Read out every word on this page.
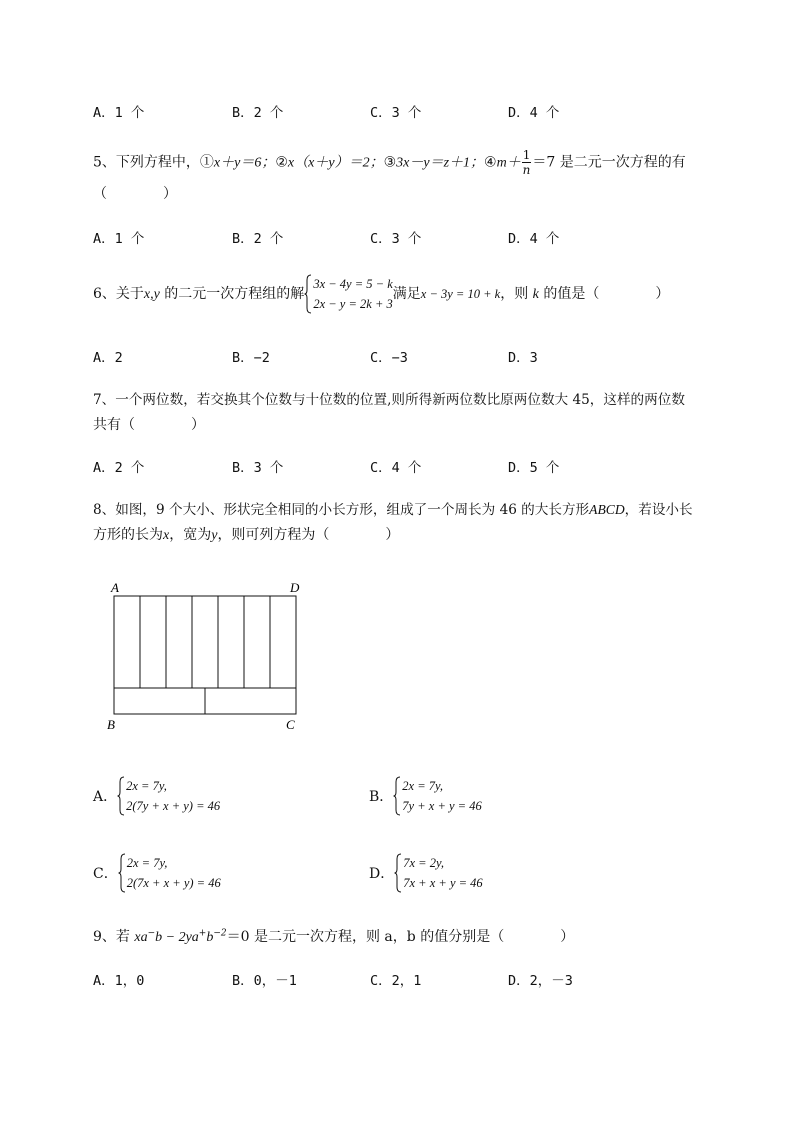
A．1 个	B．2 个	C．3 个	D．4 个
5、下列方程中，①x＋y＝6；②x（x＋y）＝2；③3x－y＝z＋1；④m＋ $\frac{1}{n} =7$ 是二元一次方程的有
（　　　　）
A．1 个	B．2 个	C．3 个	D．4 个
6、关于x,y 的二元一次方程组的解
3x − 4y = 5 − k
2x − y = 2k + 3
满足x − 3y = 10 + k，则 k 的值是（　　　　）
A．2	B．−2	C．−3	D．3
7、一个两位数，若交换其个位数与十位数的位置,则所得新两位数比原两位数大 45，这样的两位数
共有（　　　　）
A．2 个	B．3 个	C．4 个	D．5 个
8、如图，9 个大小、形状完全相同的小长方形，组成了一个周长为 46 的大长方形ABCD，若设小长
方形的长为x，宽为y，则可列方程为（　　　　）
A	D
B	C
A．
2x = 7y,
2(7y + x + y) = 46
B．
2x = 7y,
7y + x + y = 46
C．
2x = 7y,
2(7x + x + y) = 46
D．
7x = 2y,
7x + x + y = 46
9、若 $xa^-b - 2ya^+b^{-2}=0$ 是二元一次方程，则 a，b 的值分别是（　　　　）
A．1，0	B．0，－1	C．2，1	D．2，－3
